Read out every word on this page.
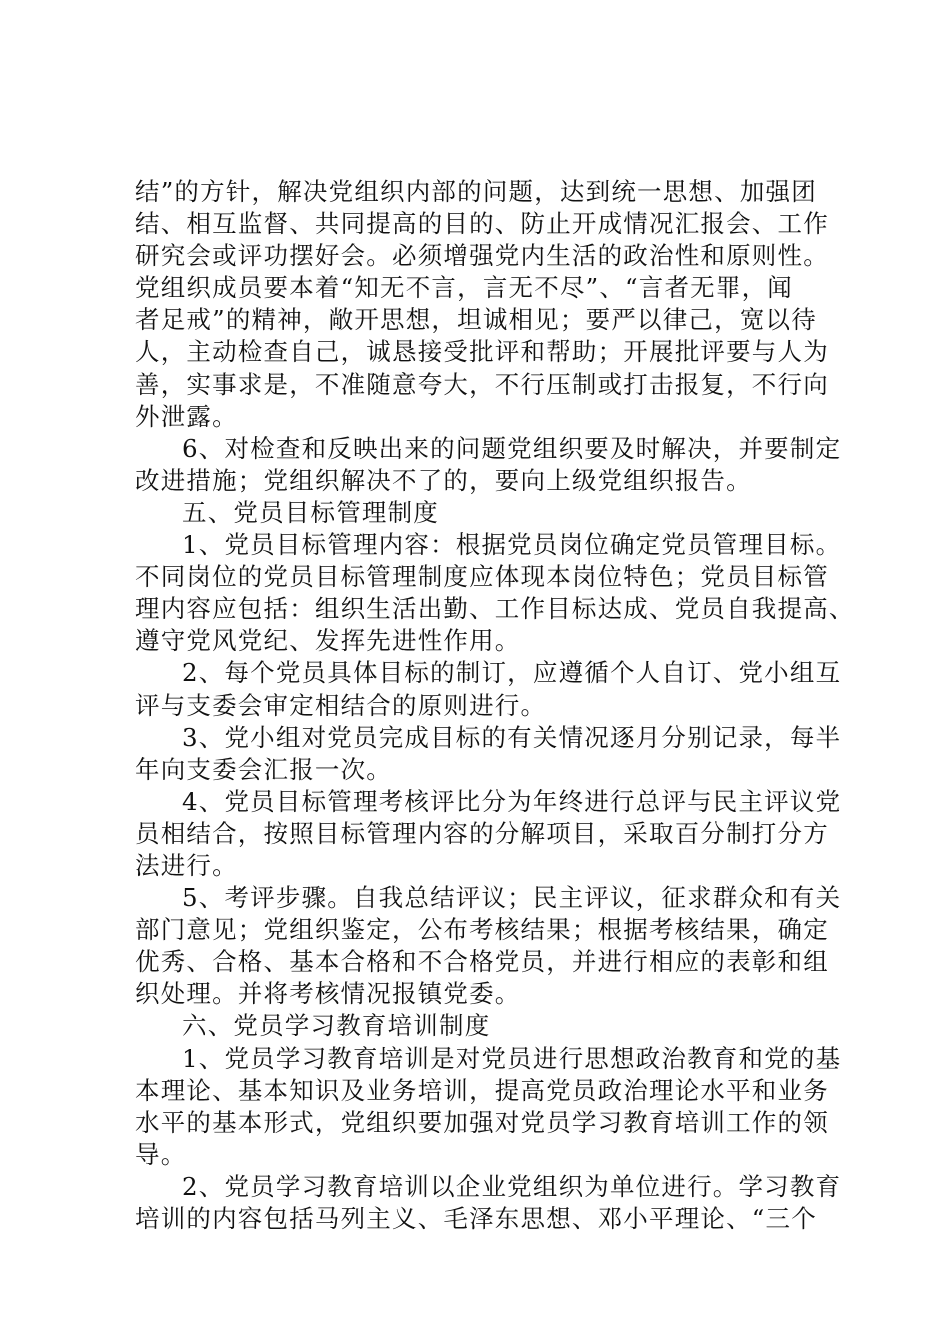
结”的方针，解决党组织内部的问题，达到统一思想、加强团
结、相互监督、共同提高的目的、防止开成情况汇报会、工作
研究会或评功摆好会。必须增强党内生活的政治性和原则性。
党组织成员要本着“知无不言，言无不尽”、“言者无罪，闻
者足戒”的精神，敞开思想，坦诚相见；要严以律己，宽以待
人，主动检查自己，诚恳接受批评和帮助；开展批评要与人为
善，实事求是，不准随意夸大，不行压制或打击报复，不行向
外泄露。
6、对检查和反映出来的问题党组织要及时解决，并要制定
改进措施；党组织解决不了的，要向上级党组织报告。
五、党员目标管理制度
1、党员目标管理内容：根据党员岗位确定党员管理目标。
不同岗位的党员目标管理制度应体现本岗位特色；党员目标管
理内容应包括：组织生活出勤、工作目标达成、党员自我提高、
遵守党风党纪、发挥先进性作用。
2、每个党员具体目标的制订，应遵循个人自订、党小组互
评与支委会审定相结合的原则进行。
3、党小组对党员完成目标的有关情况逐月分别记录，每半
年向支委会汇报一次。
4、党员目标管理考核评比分为年终进行总评与民主评议党
员相结合，按照目标管理内容的分解项目，采取百分制打分方
法进行。
5、考评步骤。自我总结评议；民主评议，征求群众和有关
部门意见；党组织鉴定，公布考核结果；根据考核结果，确定
优秀、合格、基本合格和不合格党员，并进行相应的表彰和组
织处理。并将考核情况报镇党委。
六、党员学习教育培训制度
1、党员学习教育培训是对党员进行思想政治教育和党的基
本理论、基本知识及业务培训，提高党员政治理论水平和业务
水平的基本形式，党组织要加强对党员学习教育培训工作的领
导。
2、党员学习教育培训以企业党组织为单位进行。学习教育
培训的内容包括马列主义、毛泽东思想、邓小平理论、“三个
